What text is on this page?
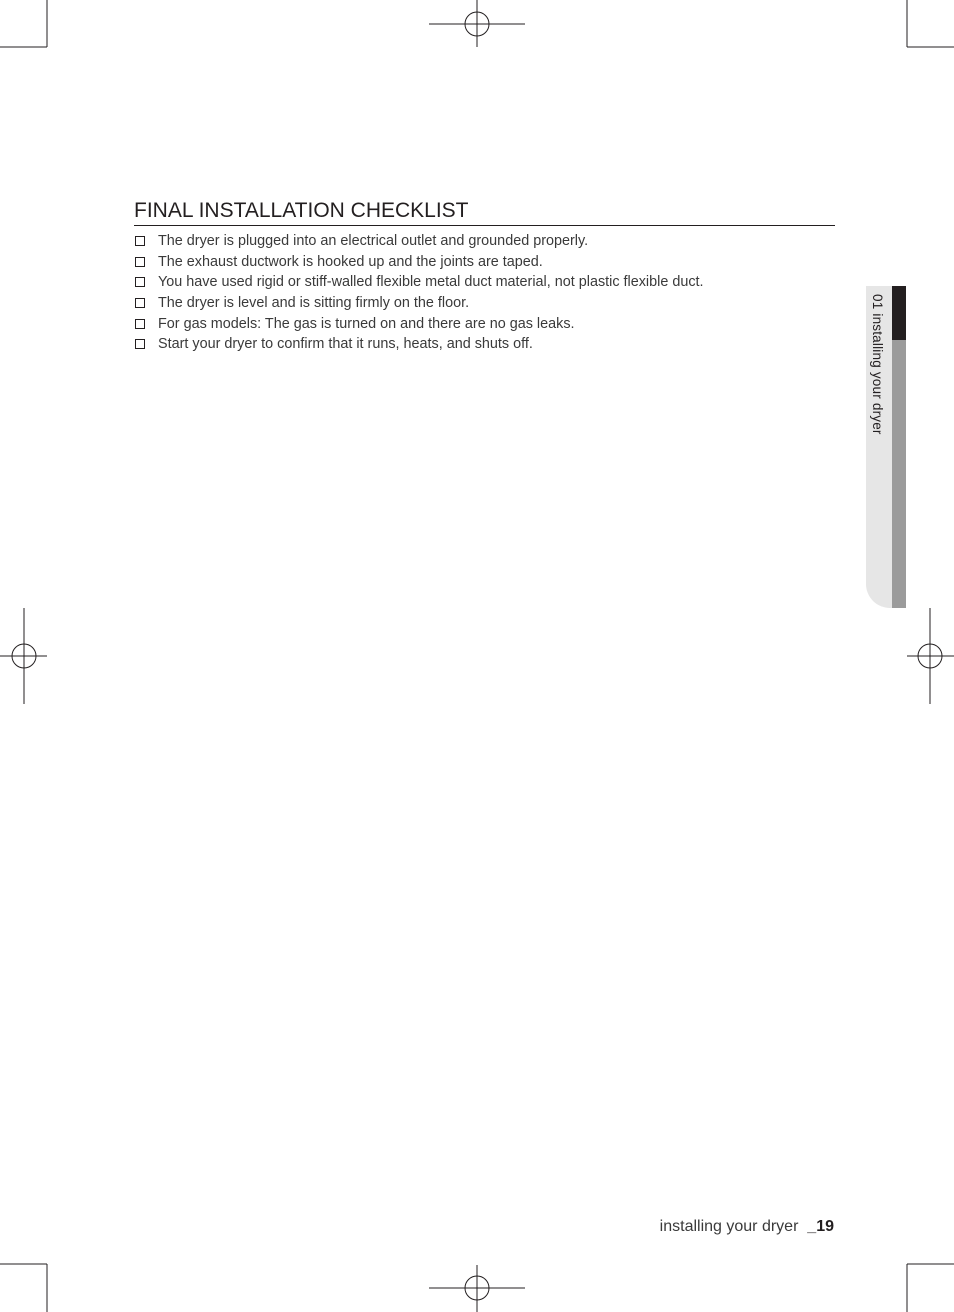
FINAL INSTALLATION CHECKLIST
The dryer is plugged into an electrical outlet and grounded properly.
The exhaust ductwork is hooked up and the joints are taped.
You have used rigid or stiff-walled flexible metal duct material, not plastic flexible duct.
The dryer is level and is sitting firmly on the floor.
For gas models: The gas is turned on and there are no gas leaks.
Start your dryer to confirm that it runs, heats, and shuts off.	01 installing your dryer
installing your dryer _19
